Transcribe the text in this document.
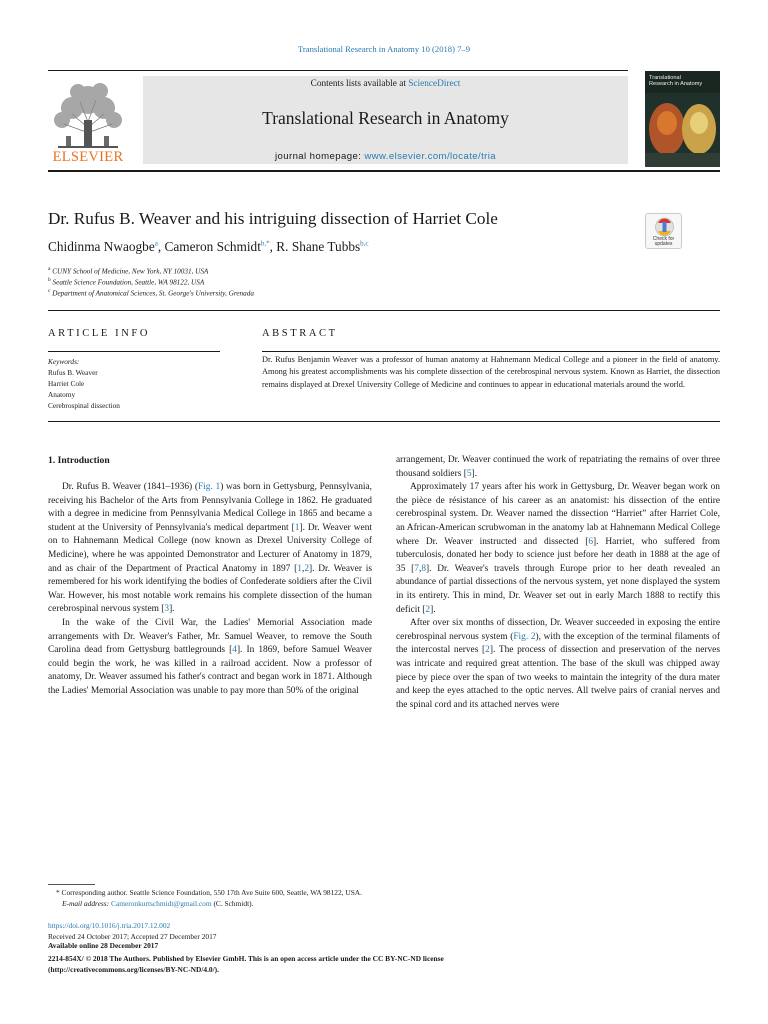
Translational Research in Anatomy 10 (2018) 7–9
ELSEVIER
Contents lists available at ScienceDirect
Translational Research in Anatomy
journal homepage: www.elsevier.com/locate/tria
Translational
Research in Anatomy
Dr. Rufus B. Weaver and his intriguing dissection of Harriet Cole
Chidinma Nwaogbe$^a$, Cameron Schmidt$^{b,*}$, R. Shane Tubbs$^{b,c}$
Check for updates
$^a$ CUNY School of Medicine, New York, NY 10031, USA
$^b$ Seattle Science Foundation, Seattle, WA 98122, USA
$^c$ Department of Anatomical Sciences, St. George's University, Grenada
ARTICLE INFO
Keywords:
Rufus B. Weaver
Harriet Cole
Anatomy
Cerebrospinal dissection
ABSTRACT
Dr. Rufus Benjamin Weaver was a professor of human anatomy at Hahnemann Medical College and a pioneer in the field of anatomy. Among his greatest accomplishments was his complete dissection of the cerebrospinal nervous system. Known as Harriet, the dissection remains displayed at Drexel University College of Medicine and continues to appear in educational materials around the world.
1. Introduction

Dr. Rufus B. Weaver (1841–1936) (Fig. 1) was born in Gettysburg, Pennsylvania, receiving his Bachelor of the Arts from Pennsylvania College in 1862. He graduated with a degree in medicine from Pennsylvania Medical College in 1865 and became a student at the University of Pennsylvania's medical department [1]. Dr. Weaver went on to Hahnemann Medical College (now known as Drexel University College of Medicine), where he was appointed Demonstrator and Lecturer of Anatomy in 1879, and as chair of the Department of Practical Anatomy in 1897 [1,2]. Dr. Weaver is remembered for his work identifying the bodies of Confederate soldiers after the Civil War. However, his most notable work remains his complete dissection of the human cerebrospinal nervous system [3].

In the wake of the Civil War, the Ladies' Memorial Association made arrangements with Dr. Weaver's Father, Mr. Samuel Weaver, to remove the South Carolina dead from Gettysburg battlegrounds [4]. In 1869, before Samuel Weaver could begin the work, he was killed in a railroad accident. Now a professor of anatomy, Dr. Weaver assumed his father's contract and began work in 1871. Although the Ladies' Memorial Association was unable to pay more than 50% of the original

arrangement, Dr. Weaver continued the work of repatriating the remains of over three thousand soldiers [5].

Approximately 17 years after his work in Gettysburg, Dr. Weaver began work on the pièce de résistance of his career as an anatomist: his dissection of the entire cerebrospinal system. Dr. Weaver named the dissection “Harriet” after Harriet Cole, an African-American scrubwoman in the anatomy lab at Hahnemann Medical College where Dr. Weaver instructed and dissected [6]. Harriet, who suffered from tuberculosis, donated her body to science just before her death in 1888 at the age of 35 [7,8]. Dr. Weaver's travels through Europe prior to her death revealed an abundance of partial dissections of the nervous system, yet none displayed the system in its entirety. This in mind, Dr. Weaver set out in early March 1888 to rectify this deficit [2].

After over six months of dissection, Dr. Weaver succeeded in exposing the entire cerebrospinal nervous system (Fig. 2), with the exception of the terminal filaments of the intercostal nerves [2]. The process of dissection and preservation of the nerves was intricate and required great attention. The base of the skull was chipped away piece by piece over the span of two weeks to maintain the integrity of the dura mater and keep the eyes attached to the optic nerves. All twelve pairs of cranial nerves and the spinal cord and its attached nerves were

* Corresponding author. Seattle Science Foundation, 550 17th Ave Suite 600, Seattle, WA 98122, USA.
E-mail address: Cameronkurtschmidt@gmail.com (C. Schmidt).
https://doi.org/10.1016/j.tria.2017.12.002
Received 24 October 2017; Accepted 27 December 2017
Available online 28 December 2017
2214-854X/ © 2018 The Authors. Published by Elsevier GmbH. This is an open access article under the CC BY-NC-ND license
(http://creativecommons.org/licenses/BY-NC-ND/4.0/).
